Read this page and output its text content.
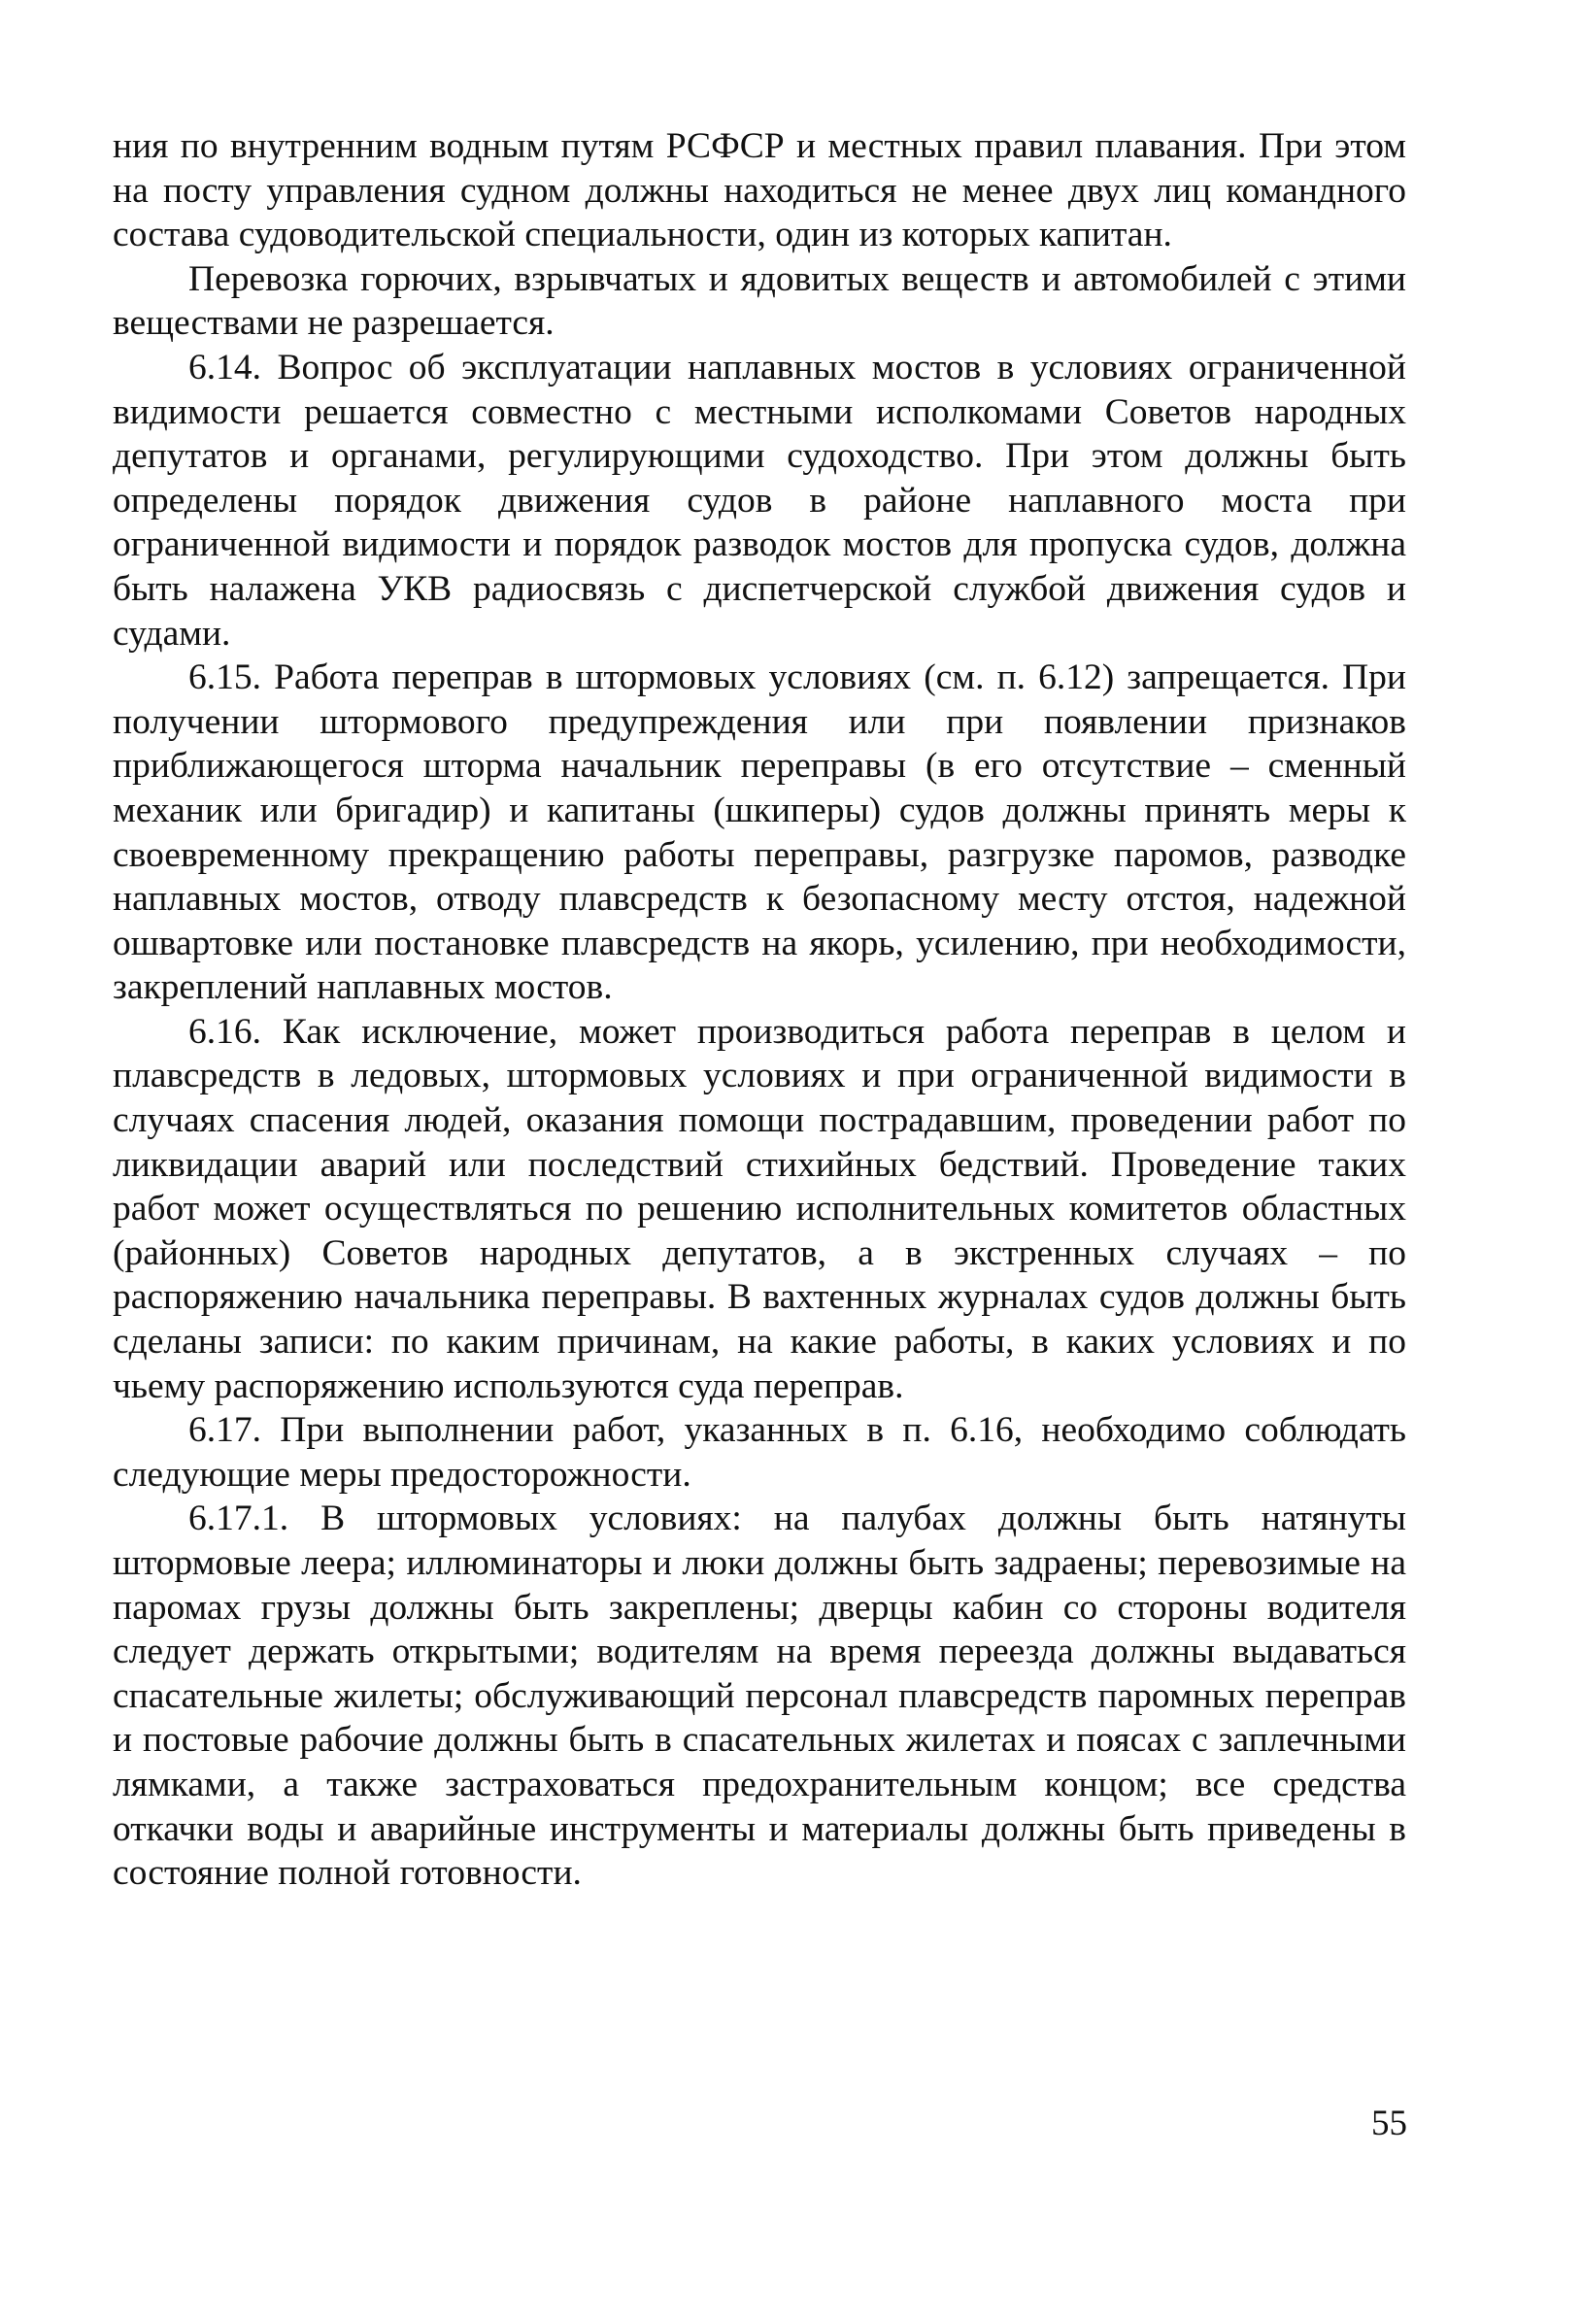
ния по внутренним водным путям РСФСР и местных правил плавания. При этом на посту управления судном должны находиться не менее двух лиц командного состава судоводительской специальности, один из которых капитан.

Перевозка горючих, взрывчатых и ядовитых веществ и автомобилей с этими веществами не разрешается.

6.14. Вопрос об эксплуатации наплавных мостов в условиях ограниченной видимости решается совместно с местными исполкомами Советов народных депутатов и органами, регулирующими судоходство. При этом должны быть определены порядок движения судов в районе наплавного моста при ограниченной видимости и порядок разводок мостов для пропуска судов, должна быть налажена УКВ радиосвязь с диспетчерской службой движения судов и судами.

6.15. Работа переправ в штормовых условиях (см. п. 6.12) запрещается. При получении штормового предупреждения или при появлении признаков приближающегося шторма начальник переправы (в его отсутствие – сменный механик или бригадир) и капитаны (шкиперы) судов должны принять меры к своевременному прекращению работы переправы, разгрузке паромов, разводке наплавных мостов, отводу плавсредств к безопасному месту отстоя, надежной ошвартовке или постановке плавсредств на якорь, усилению, при необходимости, закреплений наплавных мостов.

6.16. Как исключение, может производиться работа переправ в целом и плавсредств в ледовых, штормовых условиях и при ограниченной видимости в случаях спасения людей, оказания помощи пострадавшим, проведении работ по ликвидации аварий или последствий стихийных бедствий. Проведение таких работ может осуществляться по решению исполнительных комитетов областных (районных) Советов народных депутатов, а в экстренных случаях – по распоряжению начальника переправы. В вахтенных журналах судов должны быть сделаны записи: по каким причинам, на какие работы, в каких условиях и по чьему распоряжению используются суда переправ.

6.17. При выполнении работ, указанных в п. 6.16, необходимо соблюдать следующие меры предосторожности.

6.17.1. В штормовых условиях: на палубах должны быть натянуты штормовые леера; иллюминаторы и люки должны быть задраены; перевозимые на паромах грузы должны быть закреплены; дверцы кабин со стороны водителя следует держать открытыми; водителям на время переезда должны выдаваться спасательные жилеты; обслуживающий персонал плавсредств паромных переправ и постовые рабочие должны быть в спасательных жилетах и поясах с заплечными лямками, а также застраховаться предохранительным концом; все средства откачки воды и аварийные инструменты и материалы должны быть приведены в состояние полной готовности.

55
